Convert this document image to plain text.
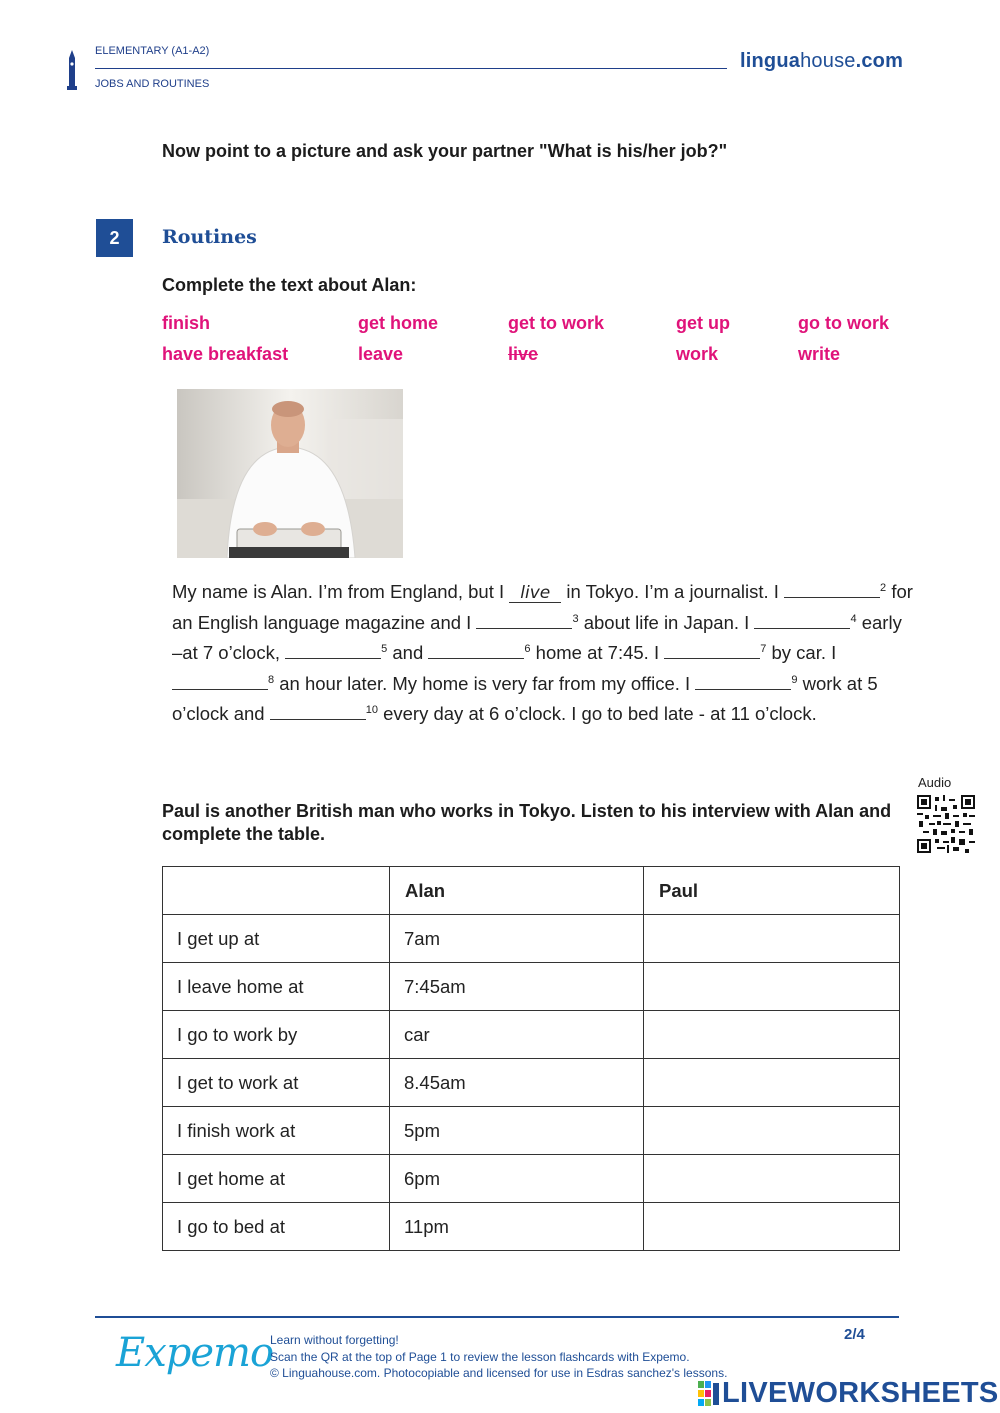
ELEMENTARY (A1-A2)
JOBS AND ROUTINES
linguahouse.com
Now point to a picture and ask your partner "What is his/her job?"
2	Routines
Complete the text about Alan:
finish	get home	get to work	get up	go to work
have breakfast	leave	live	work	write
My name is Alan. I’m from England, but I live in Tokyo. I’m a journalist. I	$^2$ for an English language magazine and I	$^3$ about life in Japan. I	$^4$ early –at 7 o’clock,	$^5$ and	$^6$ home at 7:45. I	$^7$ by car. I $^8$ an hour later. My home is very far from my office. I	$^9$ work at 5 o’clock and	$^{10}$ every day at 6 o’clock. I go to bed late - at 11 o’clock.
Audio
Paul is another British man who works in Tokyo. Listen to his interview with Alan and complete the table.
	Alan	Paul
I get up at	7am	
I leave home at	7:45am	
I go to work by	car	
I get to work at	8.45am	
I finish work at	5pm	
I get home at	6pm	
I go to bed at	11pm	
Expemo
Learn without forgetting!
Scan the QR at the top of Page 1 to review the lesson flashcards with Expemo.
© Linguahouse.com. Photocopiable and licensed for use in Esdras sanchez's lessons.
2/4
LIVEWORKSHEETS
